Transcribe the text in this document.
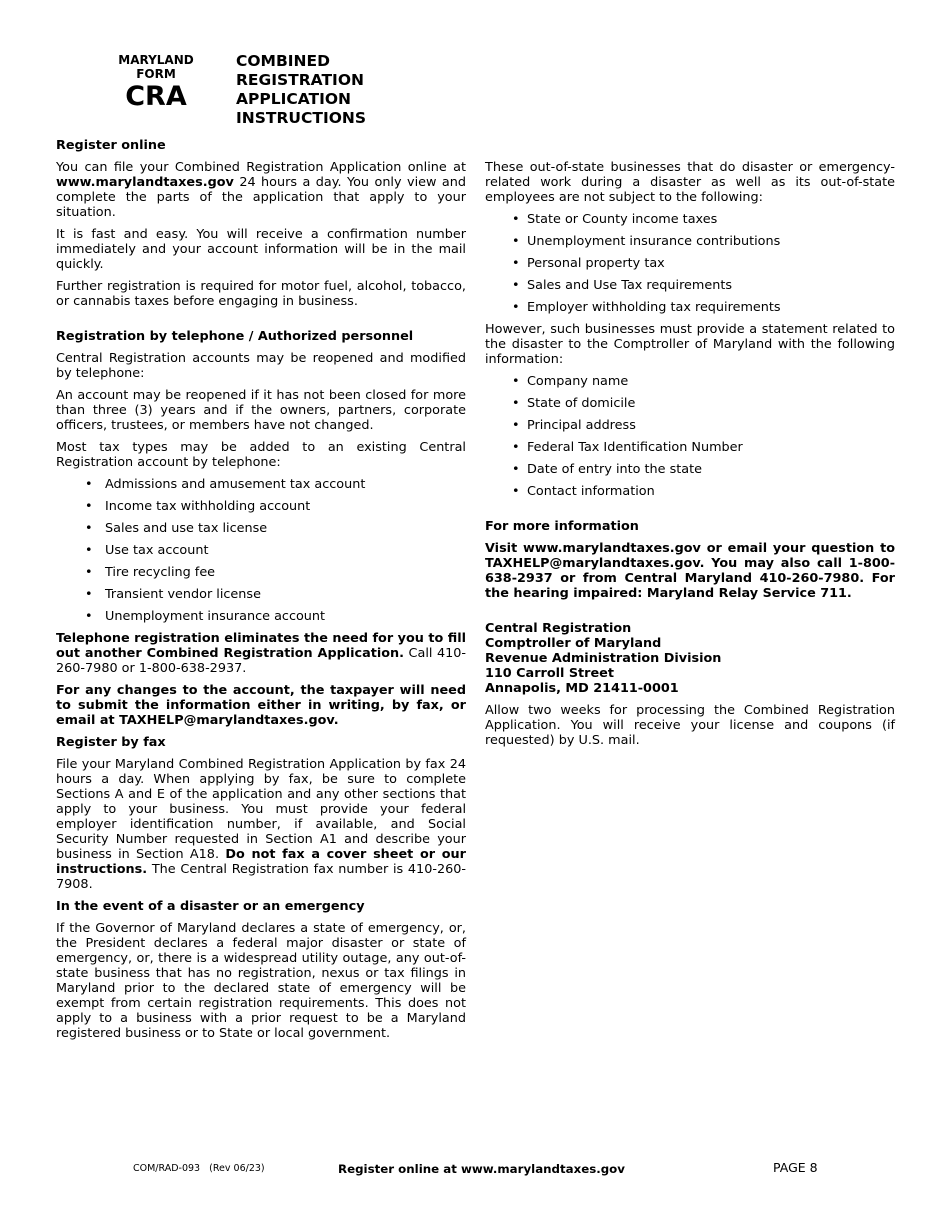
MARYLAND
FORM
CRA
COMBINED
REGISTRATION
APPLICATION
INSTRUCTIONS
Register online

You can file your Combined Registration Application online at www.marylandtaxes.gov 24 hours a day. You only view and complete the parts of the application that apply to your situation.

It is fast and easy. You will receive a confirmation number immediately and your account information will be in the mail quickly.

Further registration is required for motor fuel, alcohol, tobacco, or cannabis taxes before engaging in business.

Registration by telephone / Authorized personnel

Central Registration accounts may be reopened and modified by telephone:

An account may be reopened if it has not been closed for more than three (3) years and if the owners, partners, corporate officers, trustees, or members have not changed.

Most tax types may be added to an existing Central Registration account by telephone:

• Admissions and amusement tax account
• Income tax withholding account
• Sales and use tax license
• Use tax account
• Tire recycling fee
• Transient vendor license
• Unemployment insurance account

Telephone registration eliminates the need for you to fill out another Combined Registration Application. Call 410-260-7980 or 1-800-638-2937.

For any changes to the account, the taxpayer will need to submit the information either in writing, by fax, or email at TAXHELP@marylandtaxes.gov.

Register by fax

File your Maryland Combined Registration Application by fax 24 hours a day. When applying by fax, be sure to complete Sections A and E of the application and any other sections that apply to your business. You must provide your federal employer identification number, if available, and Social Security Number requested in Section A1 and describe your business in Section A18. Do not fax a cover sheet or our instructions. The Central Registration fax number is 410-260-7908.

In the event of a disaster or an emergency

If the Governor of Maryland declares a state of emergency, or, the President declares a federal major disaster or state of emergency, or, there is a widespread utility outage, any out-of-state business that has no registration, nexus or tax filings in Maryland prior to the declared state of emergency will be exempt from certain registration requirements. This does not apply to a business with a prior request to be a Maryland registered business or to State or local government.

These out-of-state businesses that do disaster or emergency-related work during a disaster as well as its out-of-state employees are not subject to the following:

• State or County income taxes
• Unemployment insurance contributions
• Personal property tax
• Sales and Use Tax requirements
• Employer withholding tax requirements

However, such businesses must provide a statement related to the disaster to the Comptroller of Maryland with the following information:

• Company name
• State of domicile
• Principal address
• Federal Tax Identification Number
• Date of entry into the state
• Contact information
For more information

Visit www.marylandtaxes.gov or email your question to TAXHELP@marylandtaxes.gov. You may also call 1-800-638-2937 or from Central Maryland 410-260-7980. For the hearing impaired: Maryland Relay Service 711.

Central Registration
Comptroller of Maryland
Revenue Administration Division
110 Carroll Street
Annapolis, MD 21411-0001

Allow two weeks for processing the Combined Registration Application. You will receive your license and coupons (if requested) by U.S. mail.

COM/RAD-093   (Rev 06/23)	Register online at www.marylandtaxes.gov	PAGE 8
